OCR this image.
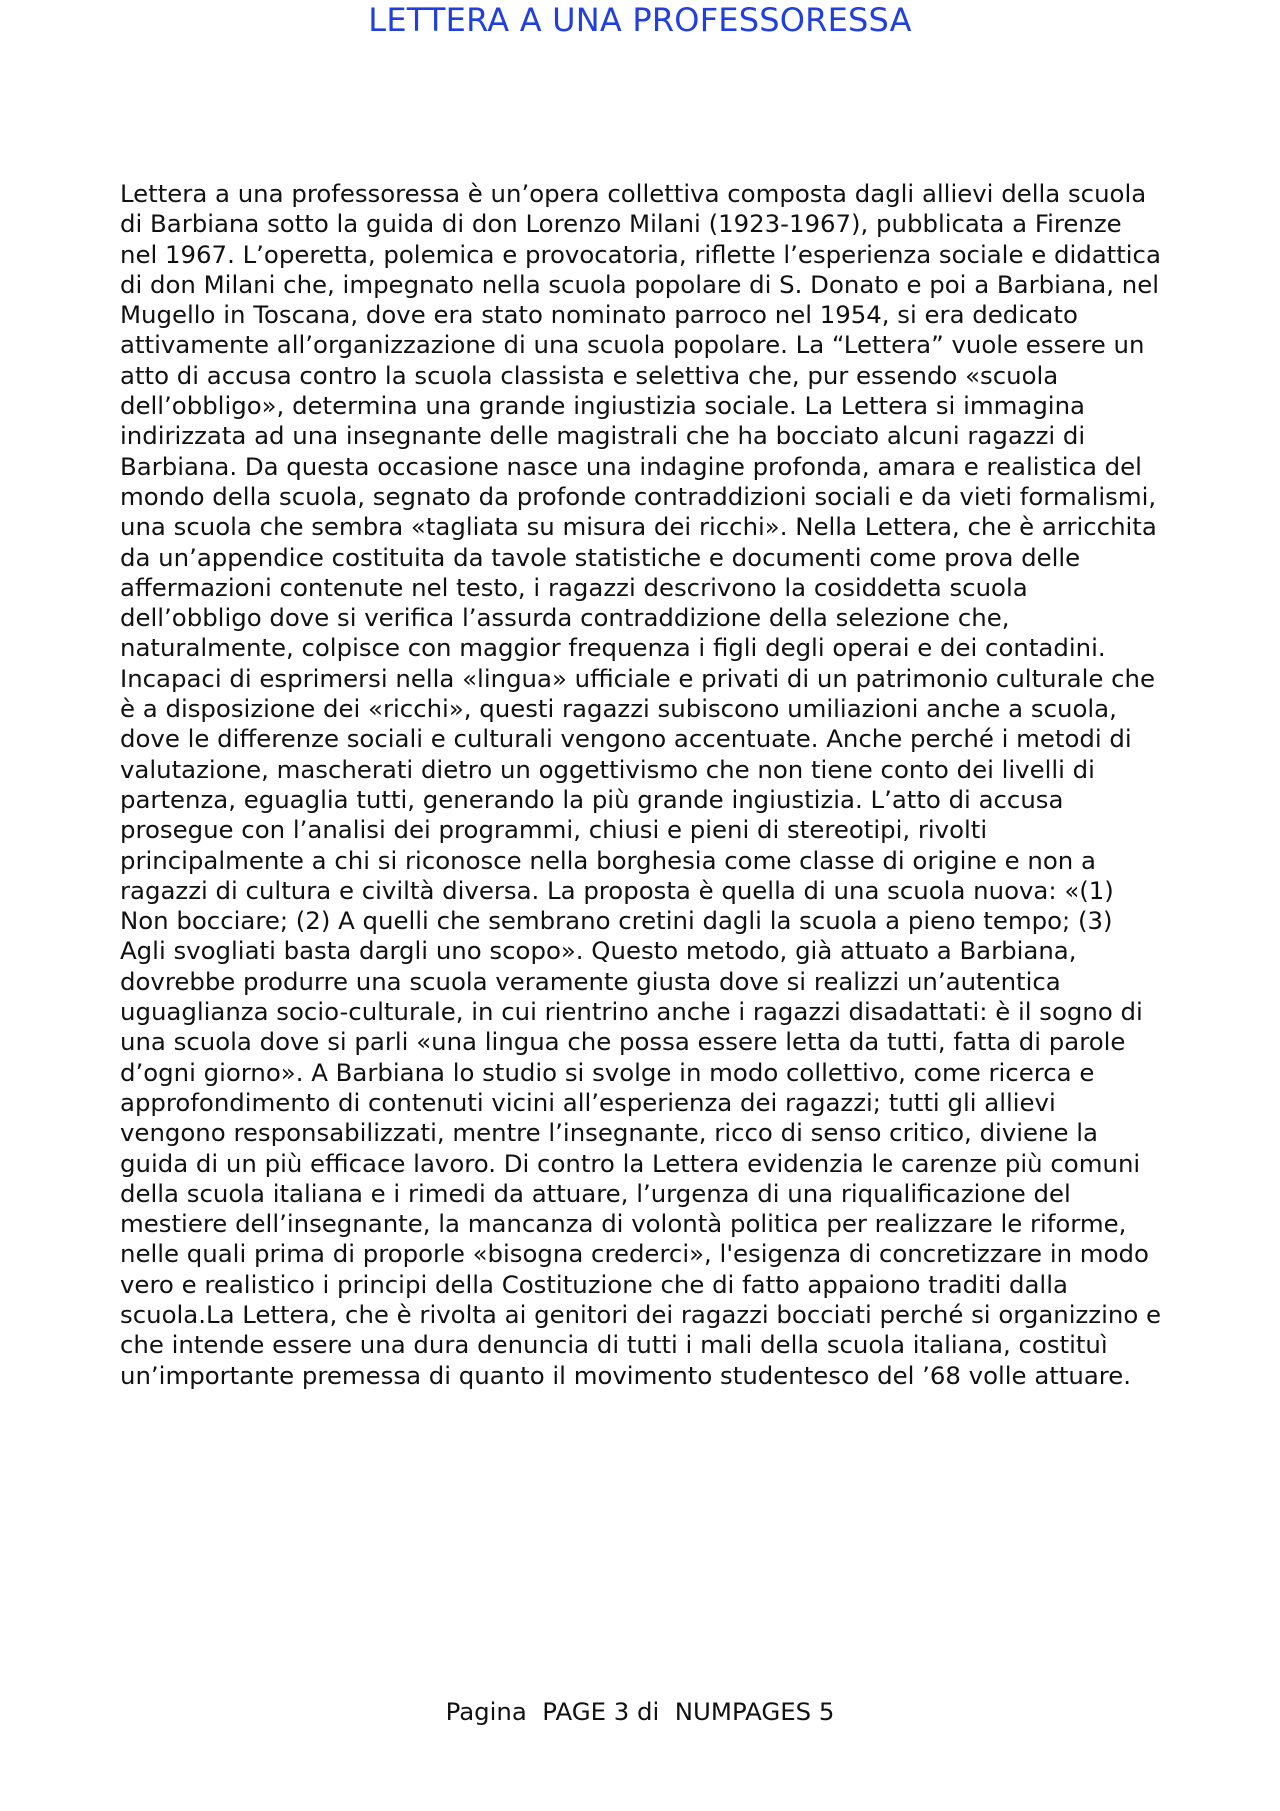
LETTERA A UNA PROFESSORESSA

Lettera a una professoressa è un’opera collettiva composta dagli allievi della scuola di Barbiana sotto la guida di don Lorenzo Milani (1923-1967), pubblicata a Firenze nel 1967. L’operetta, polemica e provocatoria, riflette l’esperienza sociale e didattica di don Milani che, impegnato nella scuola popolare di S. Donato e poi a Barbiana, nel Mugello in Toscana, dove era stato nominato parroco nel 1954, si era dedicato attivamente all’organizzazione di una scuola popolare. La “Lettera” vuole essere un atto di accusa contro la scuola classista e selettiva che, pur essendo «scuola dell’obbligo», determina una grande ingiustizia sociale. La Lettera si immagina indirizzata ad una insegnante delle magistrali che ha bocciato alcuni ragazzi di Barbiana. Da questa occasione nasce una indagine profonda, amara e realistica del mondo della scuola, segnato da profonde contraddizioni sociali e da vieti formalismi, una scuola che sembra «tagliata su misura dei ricchi». Nella Lettera, che è arricchita da un’appendice costituita da tavole statistiche e documenti come prova delle affermazioni contenute nel testo, i ragazzi descrivono la cosiddetta scuola dell’obbligo dove si verifica l’assurda contraddizione della selezione che, naturalmente, colpisce con maggior frequenza i figli degli operai e dei contadini. Incapaci di esprimersi nella «lingua» ufficiale e privati di un patrimonio culturale che è a disposizione dei «ricchi», questi ragazzi subiscono umiliazioni anche a scuola, dove le differenze sociali e culturali vengono accentuate. Anche perché i metodi di valutazione, mascherati dietro un oggettivismo che non tiene conto dei livelli di partenza, eguaglia tutti, generando la più grande ingiustizia. L’atto di accusa prosegue con l’analisi dei programmi, chiusi e pieni di stereotipi, rivolti principalmente a chi si riconosce nella borghesia come classe di origine e non a ragazzi di cultura e civiltà diversa. La proposta è quella di una scuola nuova: «(1) Non bocciare; (2) A quelli che sembrano cretini dagli la scuola a pieno tempo; (3) Agli svogliati basta dargli uno scopo». Questo metodo, già attuato a Barbiana, dovrebbe produrre una scuola veramente giusta dove si realizzi un’autentica uguaglianza socio-culturale, in cui rientrino anche i ragazzi disadattati: è il sogno di una scuola dove si parli «una lingua che possa essere letta da tutti, fatta di parole d’ogni giorno». A Barbiana lo studio si svolge in modo collettivo, come ricerca e approfondimento di contenuti vicini all’esperienza dei ragazzi; tutti gli allievi vengono responsabilizzati, mentre l’insegnante, ricco di senso critico, diviene la guida di un più efficace lavoro. Di contro la Lettera evidenzia le carenze più comuni della scuola italiana e i rimedi da attuare, l’urgenza di una riqualificazione del mestiere dell’insegnante, la mancanza di volontà politica per realizzare le riforme, nelle quali prima di proporle «bisogna crederci», l'esigenza di concretizzare in modo vero e realistico i principi della Costituzione che di fatto appaiono traditi dalla scuola.La Lettera, che è rivolta ai genitori dei ragazzi bocciati perché si organizzino e che intende essere una dura denuncia di tutti i mali della scuola italiana, costituì un’importante premessa di quanto il movimento studentesco del ’68 volle attuare.

Pagina  PAGE 3 di  NUMPAGES 5
